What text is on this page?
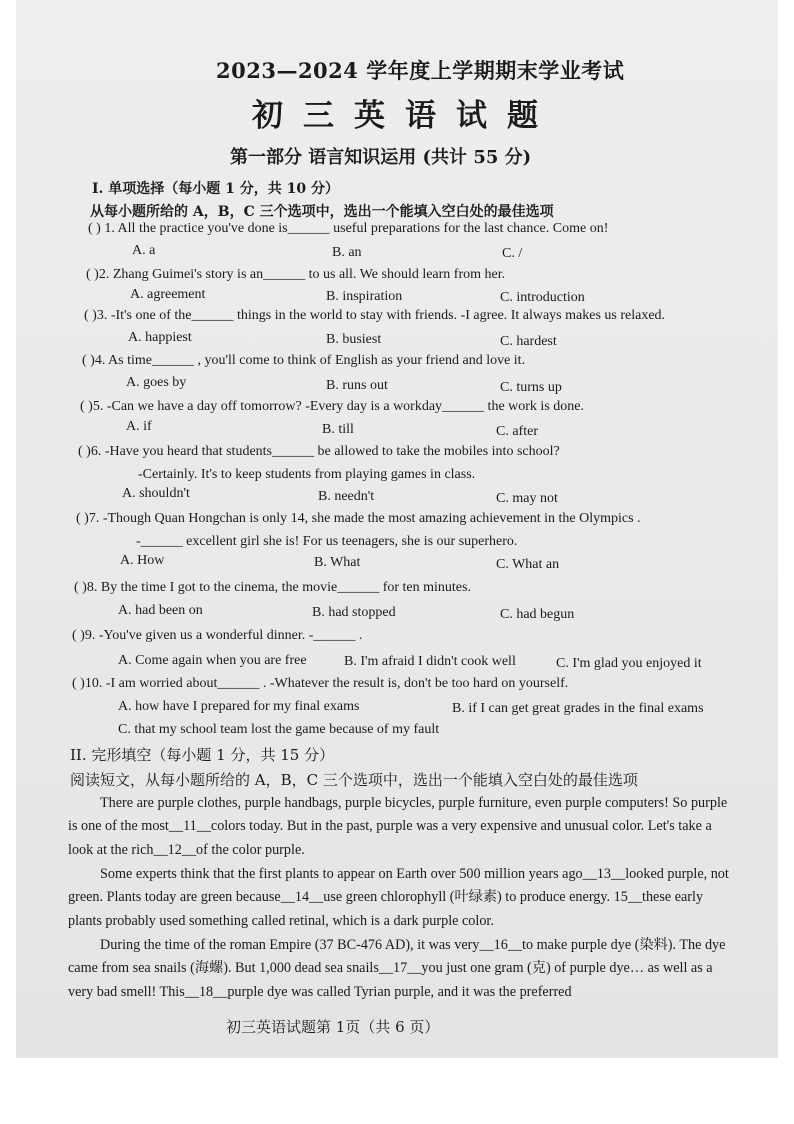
2023—2024 学年度上学期期末学业考试
初三英语试题
第一部分 语言知识运用 (共计 55 分)
I. 单项选择（每小题 1 分，共 10 分）
从每小题所给的 A，B，C 三个选项中，选出一个能填入空白处的最佳选项
( ) 1. All the practice you've done is______ useful preparations for the last chance. Come on!
A. a	B. an	C. /
( )2. Zhang Guimei's story is an______ to us all. We should learn from her.
A. agreement	B. inspiration	C. introduction
( )3. -It's one of the______ things in the world to stay with friends. -I agree. It always makes us relaxed.
A. happiest	B. busiest	C. hardest
( )4. As time______ , you'll come to think of English as your friend and love it.
A. goes by	B. runs out	C. turns up
( )5. -Can we have a day off tomorrow? -Every day is a workday______ the work is done.
A. if	B. till	C. after
( )6. -Have you heard that students______ be allowed to take the mobiles into school?
-Certainly. It's to keep students from playing games in class.
A. shouldn't	B. needn't	C. may not
( )7. -Though Quan Hongchan is only 14, she made the most amazing achievement in the Olympics .
-______ excellent girl she is! For us teenagers, she is our superhero.
A. How	B. What	C. What an
( )8. By the time I got to the cinema, the movie______ for ten minutes.
A. had been on	B. had stopped	C. had begun
( )9. -You've given us a wonderful dinner. -______ .
A. Come again when you are free	B. I'm afraid I didn't cook well	C. I'm glad you enjoyed it
( )10. -I am worried about______ . -Whatever the result is, don't be too hard on yourself.
A. how have I prepared for my final exams	B. if I can get great grades in the final exams
C. that my school team lost the game because of my fault
II. 完形填空（每小题 1 分，共 15 分）
阅读短文，从每小题所给的 A，B，C 三个选项中，选出一个能填入空白处的最佳选项
There are purple clothes, purple handbags, purple bicycles, purple furniture, even purple computers! So purple is one of the most__11__colors today. But in the past, purple was a very expensive and unusual color. Let's take a look at the rich__12__of the color purple.
Some experts think that the first plants to appear on Earth over 500 million years ago__13__looked purple, not green. Plants today are green because__14__use green chlorophyll (叶绿素) to produce energy. 15__these early plants probably used something called retinal, which is a dark purple color.
During the time of the roman Empire (37 BC-476 AD), it was very__16__to make purple dye (染料). The dye came from sea snails (海螺). But 1,000 dead sea snails__17__you just one gram (克) of purple dye… as well as a very bad smell! This__18__purple dye was called Tyrian purple, and it was the preferred
初三英语试题第 1页（共 6 页）
